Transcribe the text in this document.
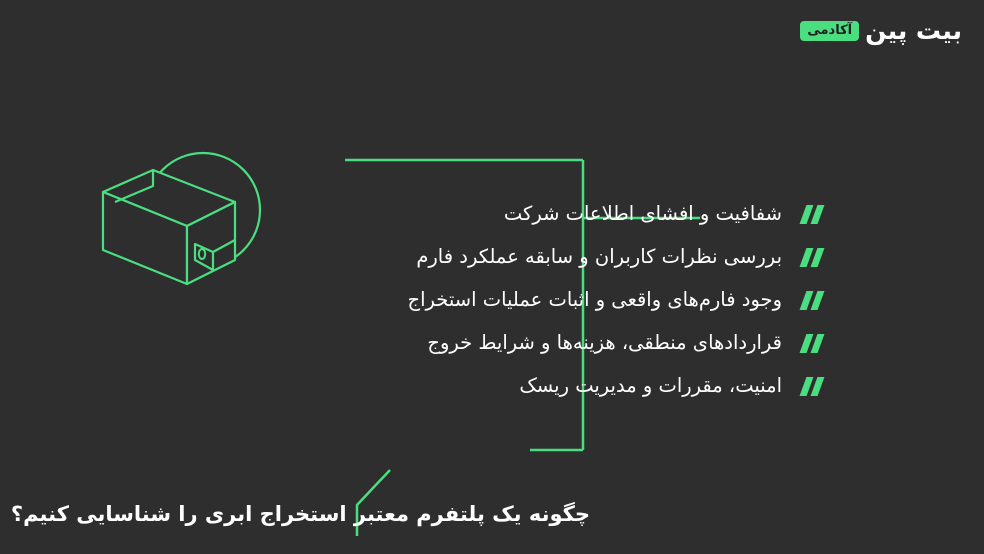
بیت پین
آکادمی
شفافیت و افشای اطلاعات شرکت
بررسی نظرات کاربران و سابقه عملکرد فارم
وجود فارم‌های واقعی و اثبات عملیات استخراج
قرارداد‌های منطقی، هزینه‌ها و شرایط خروج
امنیت، مقررات و مدیریت ریسک
چگونه یک پلتفرم معتبر استخراج ابری را شناسایی کنیم؟
